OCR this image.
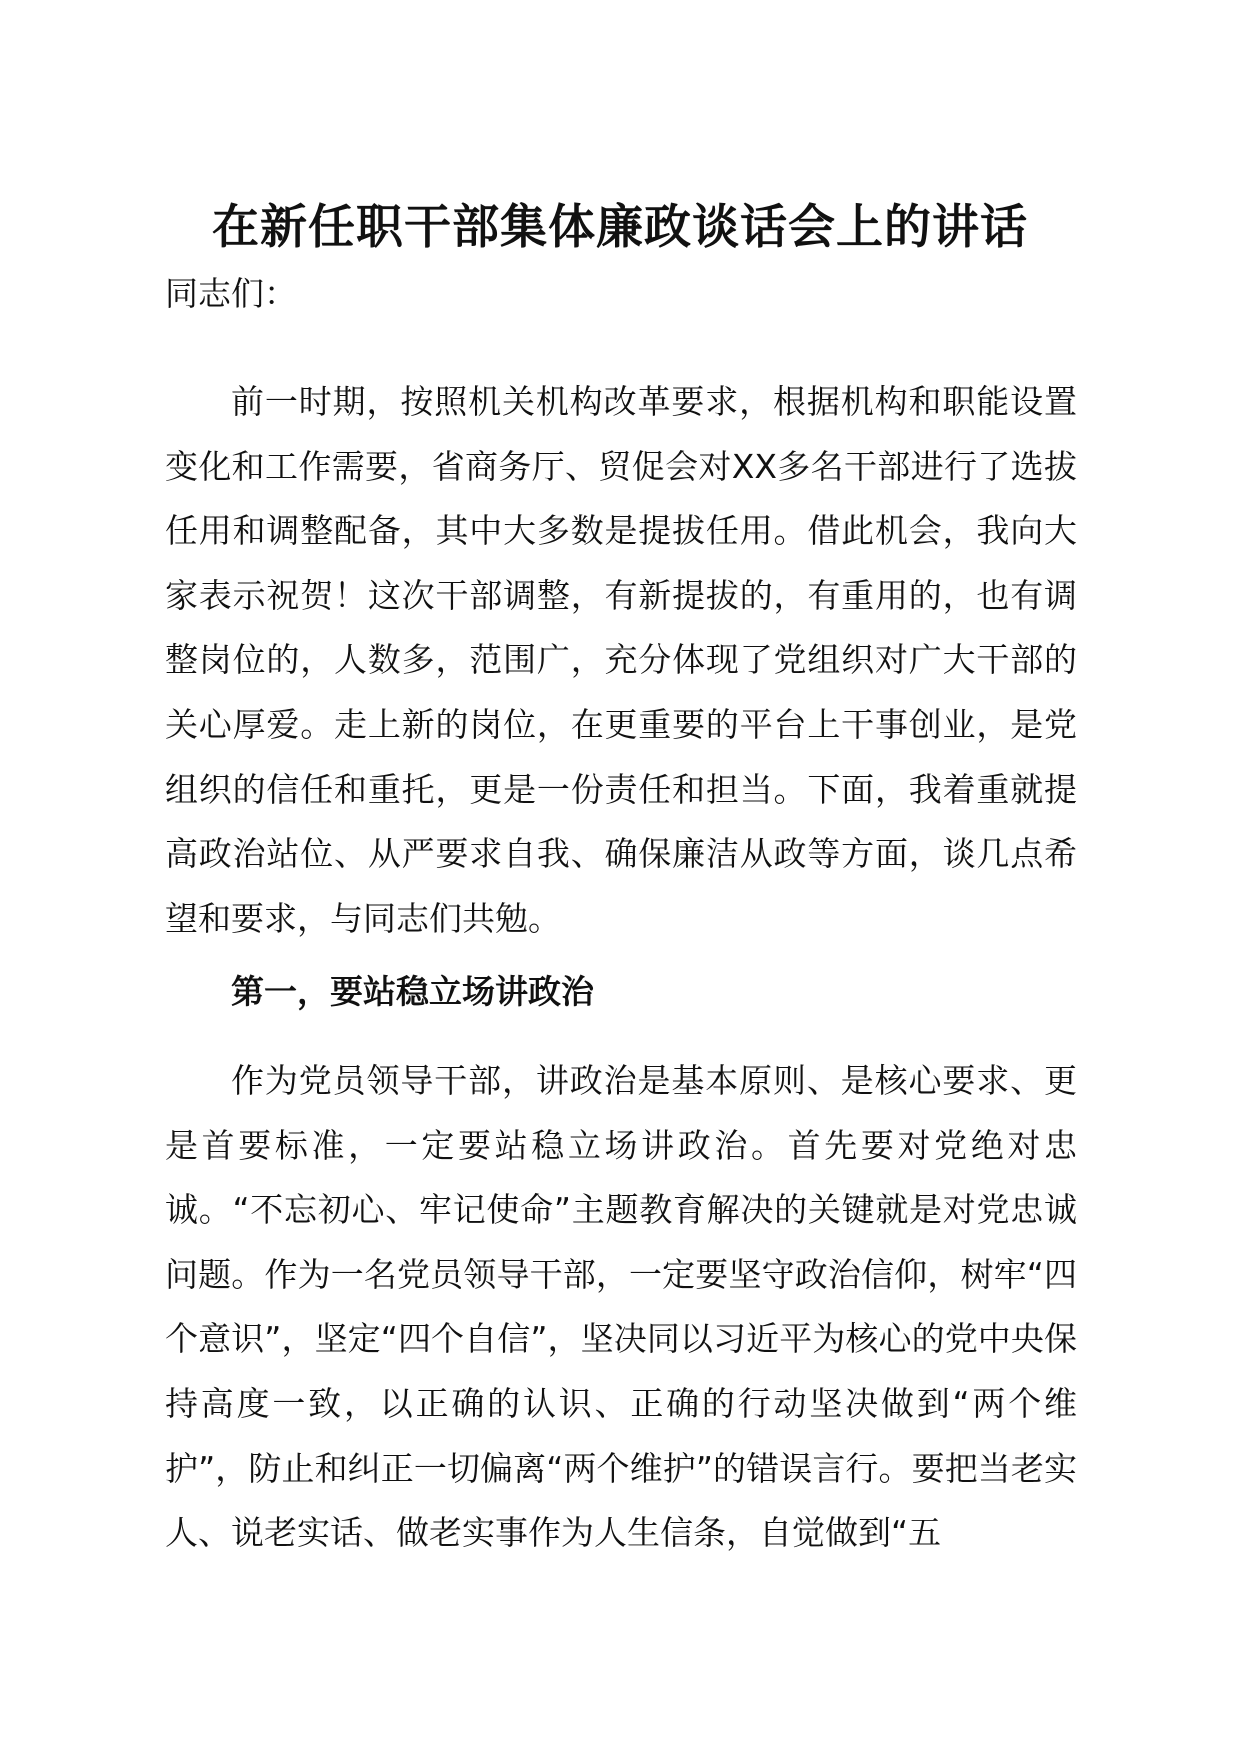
在新任职干部集体廉政谈话会上的讲话

同志们：

前一时期，按照机关机构改革要求，根据机构和职能设置变化和工作需要，省商务厅、贸促会对XX多名干部进行了选拔任用和调整配备，其中大多数是提拔任用。借此机会，我向大家表示祝贺！这次干部调整，有新提拔的，有重用的，也有调整岗位的，人数多，范围广，充分体现了党组织对广大干部的关心厚爱。走上新的岗位，在更重要的平台上干事创业，是党组织的信任和重托，更是一份责任和担当。下面，我着重就提高政治站位、从严要求自我、确保廉洁从政等方面，谈几点希望和要求，与同志们共勉。

第一，要站稳立场讲政治

作为党员领导干部，讲政治是基本原则、是核心要求、更是首要标准，一定要站稳立场讲政治。首先要对党绝对忠诚。“不忘初心、牢记使命”主题教育解决的关键就是对党忠诚问题。作为一名党员领导干部，一定要坚守政治信仰，树牢“四个意识”，坚定“四个自信”，坚决同以习近平为核心的党中央保持高度一致，以正确的认识、正确的行动坚决做到“两个维护”，防止和纠正一切偏离“两个维护”的错误言行。要把当老实人、说老实话、做老实事作为人生信条，自觉做到“五
